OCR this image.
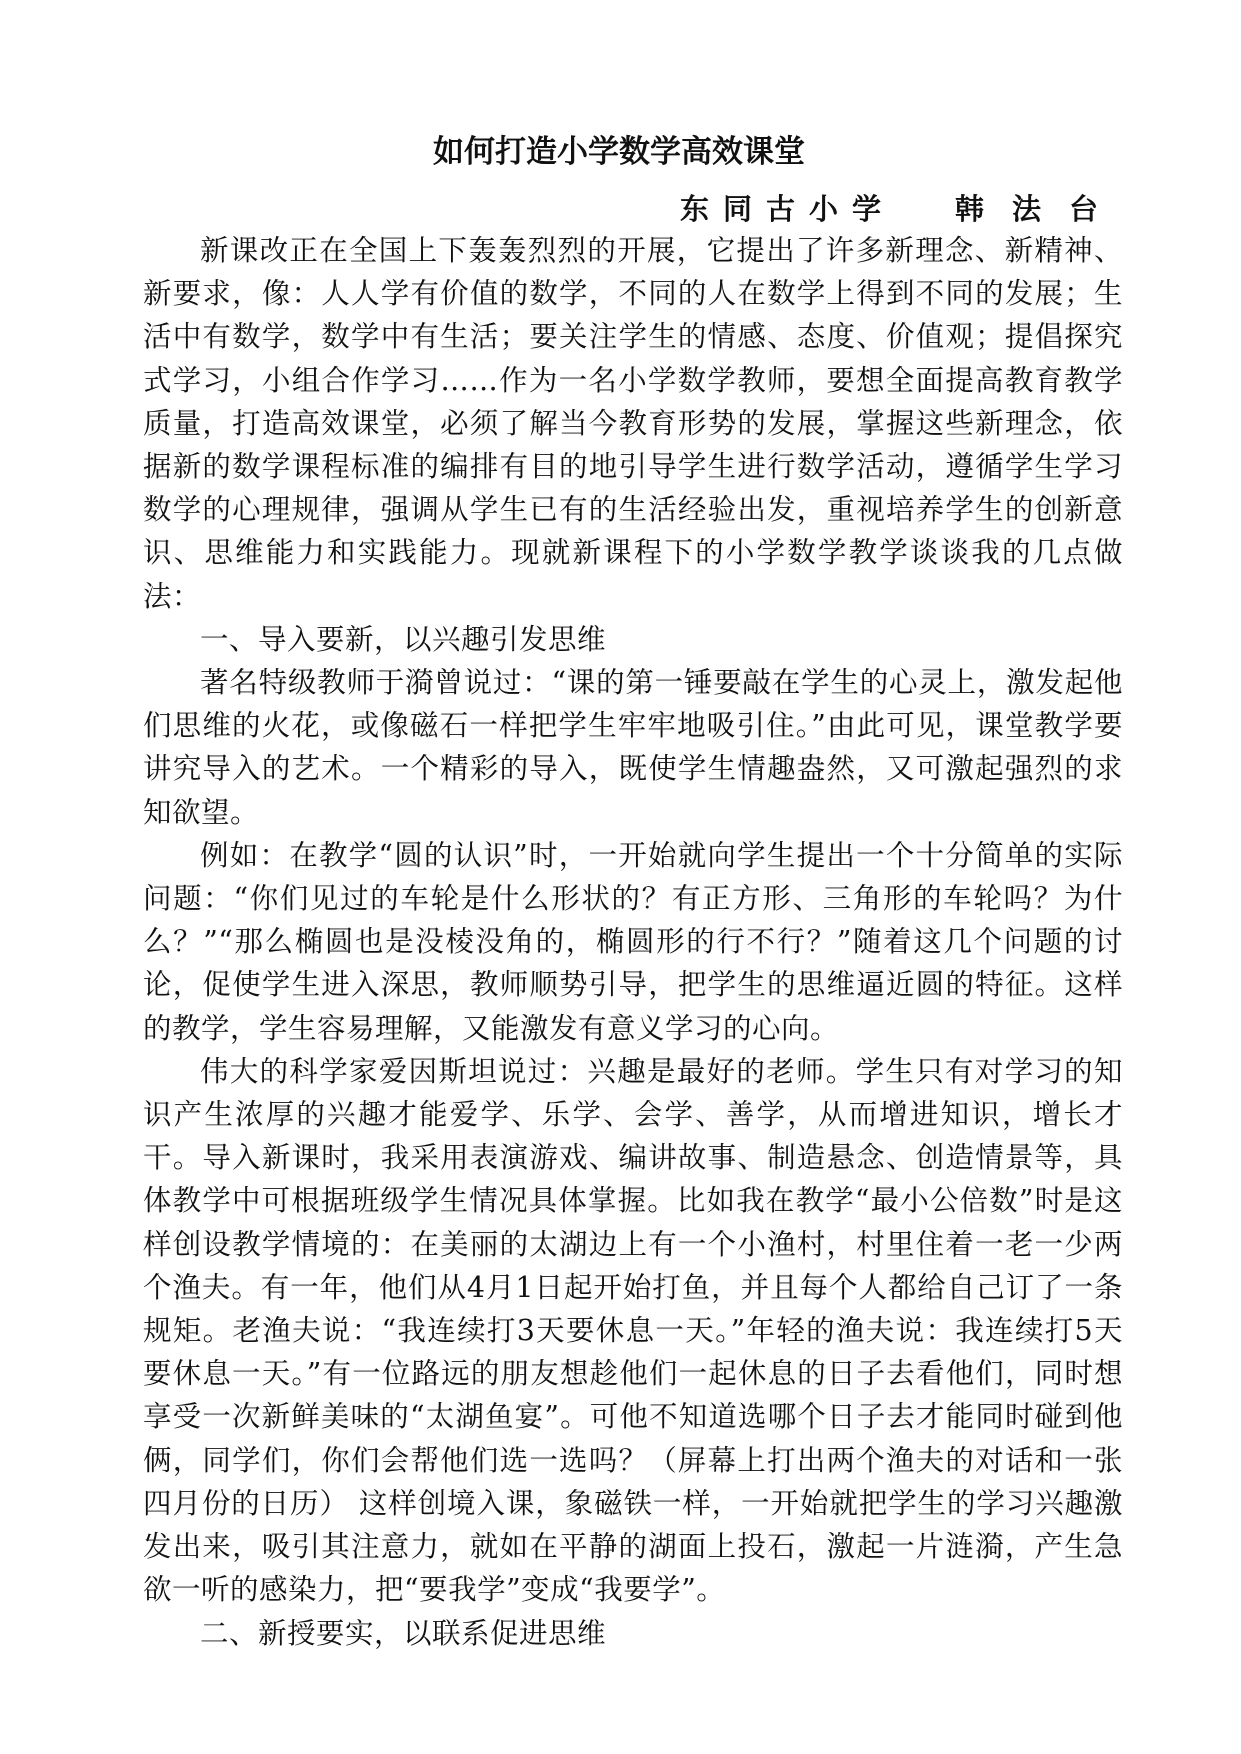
如何打造小学数学高效课堂
东同古小学 韩法台

新课改正在全国上下轰轰烈烈的开展，它提出了许多新理念、新精神、新要求，像：人人学有价值的数学，不同的人在数学上得到不同的发展；生活中有数学，数学中有生活；要关注学生的情感、态度、价值观；提倡探究式学习，小组合作学习……作为一名小学数学教师，要想全面提高教育教学质量，打造高效课堂，必须了解当今教育形势的发展，掌握这些新理念，依据新的数学课程标准的编排有目的地引导学生进行数学活动，遵循学生学习数学的心理规律，强调从学生已有的生活经验出发，重视培养学生的创新意识、思维能力和实践能力。现就新课程下的小学数学教学谈谈我的几点做法：

一、导入要新，以兴趣引发思维

著名特级教师于漪曾说过：“课的第一锤要敲在学生的心灵上，激发起他们思维的火花，或像磁石一样把学生牢牢地吸引住。”由此可见，课堂教学要讲究导入的艺术。一个精彩的导入，既使学生情趣盎然，又可激起强烈的求知欲望。

例如：在教学“圆的认识”时，一开始就向学生提出一个十分简单的实际问题：“你们见过的车轮是什么形状的？有正方形、三角形的车轮吗？为什么？”“那么椭圆也是没棱没角的，椭圆形的行不行？”随着这几个问题的讨论，促使学生进入深思，教师顺势引导，把学生的思维逼近圆的特征。这样的教学，学生容易理解，又能激发有意义学习的心向。

伟大的科学家爱因斯坦说过：兴趣是最好的老师。学生只有对学习的知识产生浓厚的兴趣才能爱学、乐学、会学、善学，从而增进知识，增长才干。导入新课时，我采用表演游戏、编讲故事、制造悬念、创造情景等，具体教学中可根据班级学生情况具体掌握。比如我在教学“最小公倍数”时是这样创设教学情境的：在美丽的太湖边上有一个小渔村，村里住着一老一少两个渔夫。有一年，他们从4月1日起开始打鱼，并且每个人都给自己订了一条规矩。老渔夫说：“我连续打3天要休息一天。”年轻的渔夫说：我连续打5天要休息一天。”有一位路远的朋友想趁他们一起休息的日子去看他们，同时想享受一次新鲜美味的“太湖鱼宴”。可他不知道选哪个日子去才能同时碰到他俩，同学们，你们会帮他们选一选吗？（屏幕上打出两个渔夫的对话和一张四月份的日历） 这样创境入课，象磁铁一样，一开始就把学生的学习兴趣激发出来，吸引其注意力，就如在平静的湖面上投石，激起一片涟漪，产生急欲一听的感染力，把“要我学”变成“我要学”。

二、新授要实，以联系促进思维
